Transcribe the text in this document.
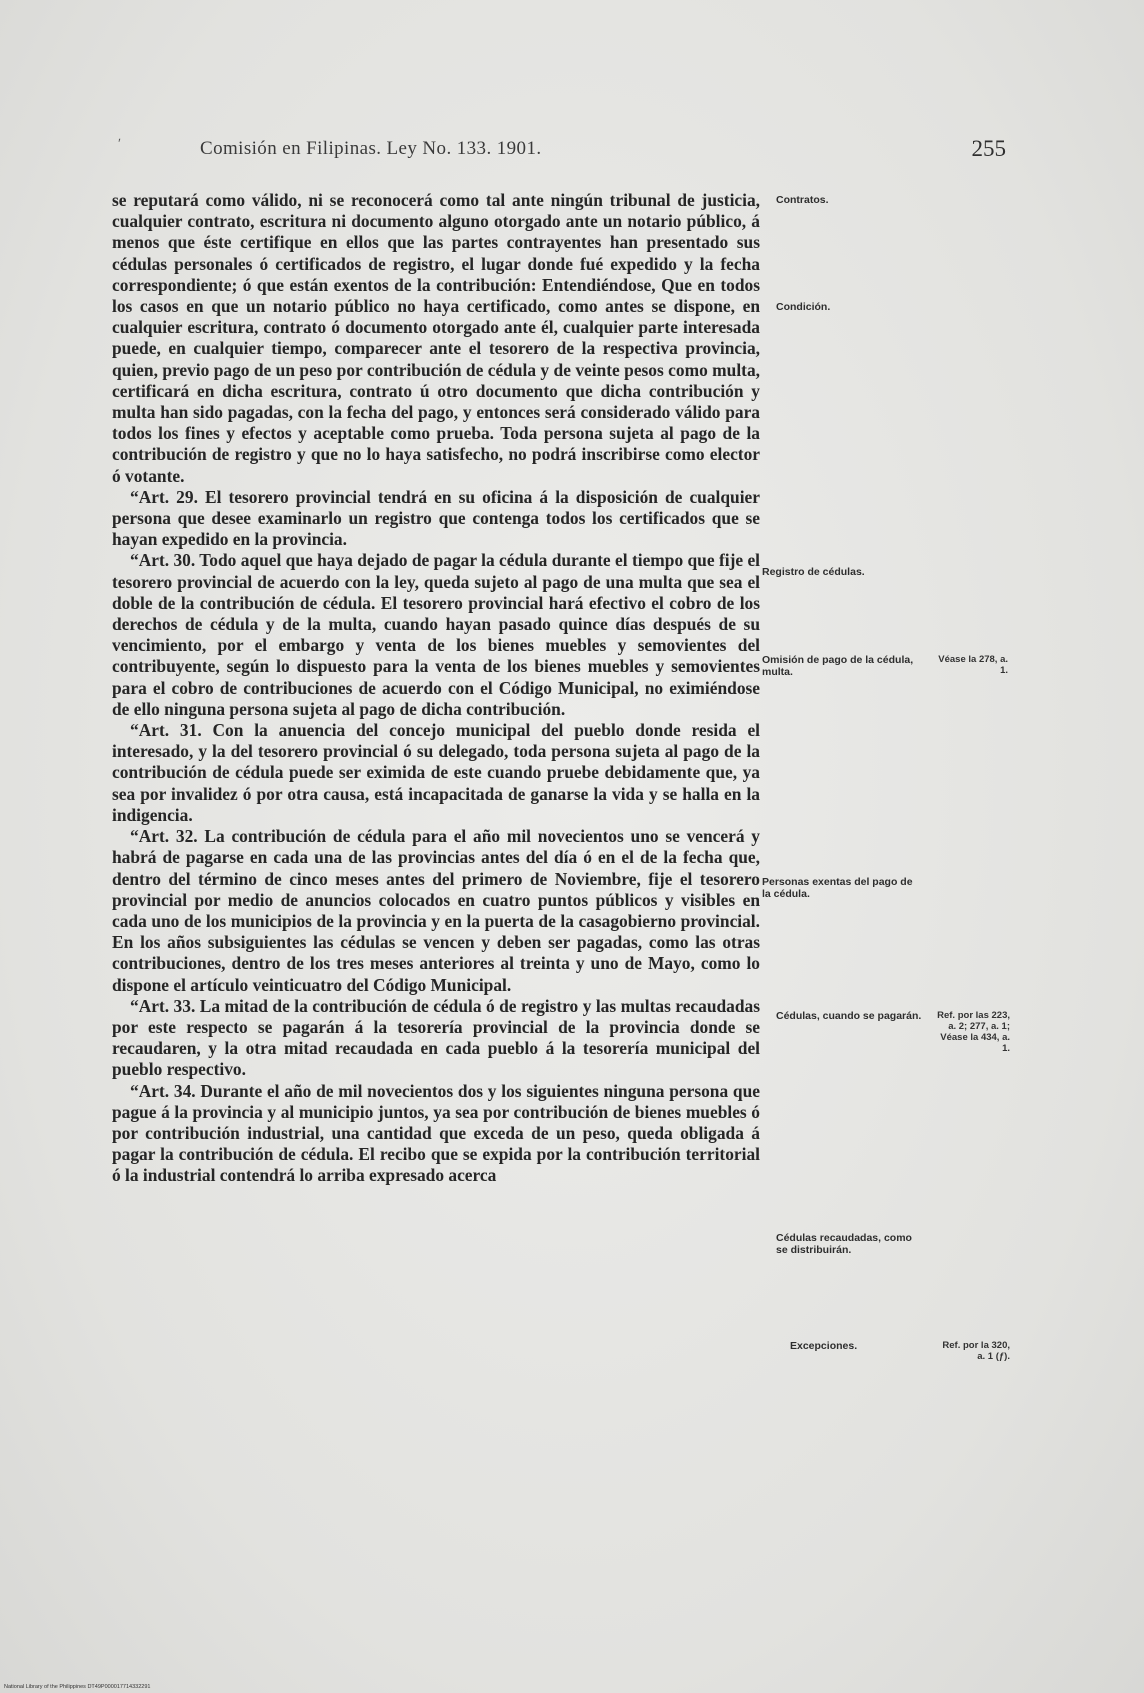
Comisión en Filipinas. Ley No. 133. 1901.	255
ʹ

se reputará como válido, ni se reconocerá como tal ante ningún tribunal de justicia, cualquier contrato, escritura ni documento alguno otorgado ante un notario público, á menos que éste certifique en ellos que las partes contrayentes han presentado sus cédulas personales ó certificados de registro, el lugar donde fué expedido y la fecha correspondiente; ó que están exentos de la contribución: Entendiéndose, Que en todos los casos en que un notario público no haya certificado, como antes se dispone, en cualquier escritura, contrato ó documento otorgado ante él, cualquier parte interesada puede, en cualquier tiempo, comparecer ante el tesorero de la respectiva provincia, quien, previo pago de un peso por contribución de cédula y de veinte pesos como multa, certificará en dicha escritura, contrato ú otro documento que dicha contribución y multa han sido pagadas, con la fecha del pago, y entonces será considerado válido para todos los fines y efectos y aceptable como prueba. Toda persona sujeta al pago de la contribución de registro y que no lo haya satisfecho, no podrá inscribirse como elector ó votante.

“Art. 29. El tesorero provincial tendrá en su oficina á la disposición de cualquier persona que desee examinarlo un registro que contenga todos los certificados que se hayan expedido en la provincia.

“Art. 30. Todo aquel que haya dejado de pagar la cédula durante el tiempo que fije el tesorero provincial de acuerdo con la ley, queda sujeto al pago de una multa que sea el doble de la contribución de cédula. El tesorero provincial hará efectivo el cobro de los derechos de cédula y de la multa, cuando hayan pasado quince días después de su vencimiento, por el embargo y venta de los bienes muebles y semovientes del contribuyente, según lo dispuesto para la venta de los bienes muebles y semovientes para el cobro de contribuciones de acuerdo con el Código Municipal, no eximiéndose de ello ninguna persona sujeta al pago de dicha contribución.

“Art. 31. Con la anuencia del concejo municipal del pueblo donde resida el interesado, y la del tesorero provincial ó su delegado, toda persona sujeta al pago de la contribución de cédula puede ser eximida de este cuando pruebe debidamente que, ya sea por invalidez ó por otra causa, está incapacitada de ganarse la vida y se halla en la indigencia.

“Art. 32. La contribución de cédula para el año mil novecientos uno se vencerá y habrá de pagarse en cada una de las provincias antes del día ó en el de la fecha que, dentro del término de cinco meses antes del primero de Noviembre, fije el tesorero provincial por medio de anuncios colocados en cuatro puntos públicos y visibles en cada uno de los municipios de la provincia y en la puerta de la casagobierno provincial. En los años subsiguientes las cédulas se vencen y deben ser pagadas, como las otras contribuciones, dentro de los tres meses anteriores al treinta y uno de Mayo, como lo dispone el artículo veinticuatro del Código Municipal.

“Art. 33. La mitad de la contribución de cédula ó de registro y las multas recaudadas por este respecto se pagarán á la tesorería provincial de la provincia donde se recaudaren, y la otra mitad recaudada en cada pueblo á la tesorería municipal del pueblo respectivo.

“Art. 34. Durante el año de mil novecientos dos y los siguientes ninguna persona que pague á la provincia y al municipio juntos, ya sea por contribución de bienes muebles ó por contribución industrial, una cantidad que exceda de un peso, queda obligada á pagar la contribución de cédula. El recibo que se expida por la contribución territorial ó la industrial contendrá lo arriba expresado acerca

Contratos.
Condición.
Registro de cédulas.
Omisión de pago de la cédula, multa.
Véase la 278, a. 1.
Personas exentas del pago de la cédula.
Cédulas, cuando se pagarán.	Ref. por las 223, a. 2; 277, a. 1; Véase la 434, a. 1.
Cédulas recaudadas, como se distribuirán.
Excepciones.	Ref. por la 320, a. 1 (ƒ).
National Library of the Philippines DT49P000017714332291
